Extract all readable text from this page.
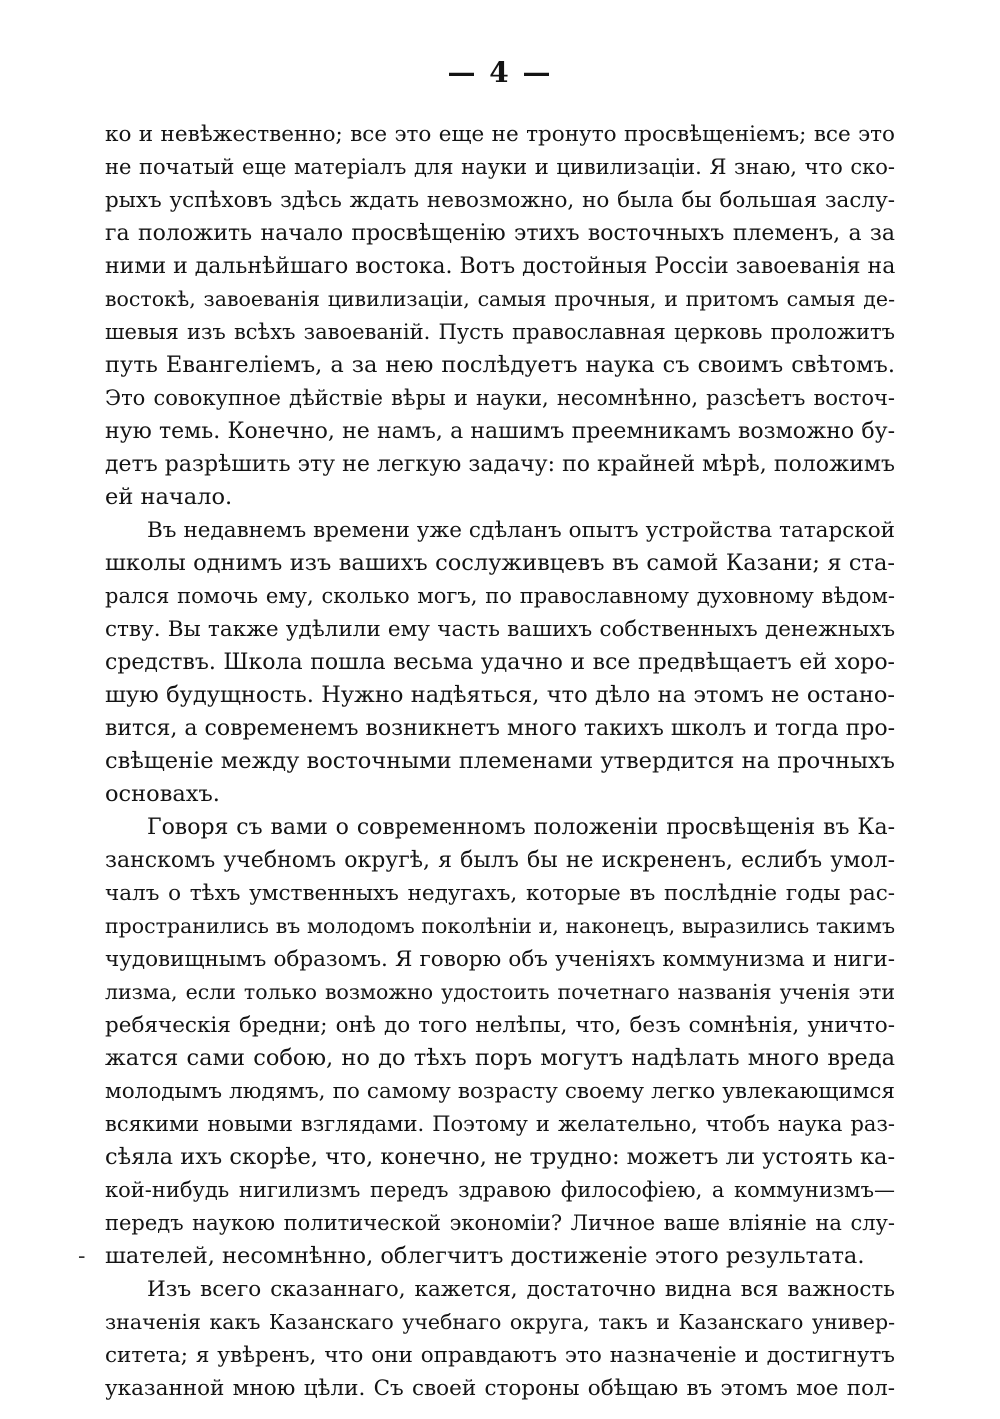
— 4 —
-
ко и невѣжественно; все это еще не тронуто просвѣщеніемъ; все это
не початый еще матеріалъ для науки и цивилизаціи. Я знаю, что ско-
рыхъ успѣховъ здѣсь ждать невозможно, но была бы большая заслу-
га положить начало просвѣщенію этихъ восточныхъ племенъ, а за
ними и дальнѣйшаго востока. Вотъ достойныя Россіи завоеванія на
востокѣ, завоеванія цивилизаціи, самыя прочныя, и притомъ самыя де-
шевыя изъ всѣхъ завоеваній. Пусть православная церковь проложитъ
путь Евангеліемъ, а за нею послѣдуетъ наука съ своимъ свѣтомъ.
Это совокупное дѣйствіе вѣры и науки, несомнѣнно, разсѣетъ восточ-
ную темь. Конечно, не намъ, а нашимъ преемникамъ возможно бу-
детъ разрѣшить эту не легкую задачу: по крайней мѣрѣ, положимъ
ей начало.
Въ недавнемъ времени уже сдѣланъ опытъ устройства татарской
школы однимъ изъ вашихъ сослуживцевъ въ самой Казани; я ста-
рался помочь ему, сколько могъ, по православному духовному вѣдом-
ству. Вы также удѣлили ему часть вашихъ собственныхъ денежныхъ
средствъ. Школа пошла весьма удачно и все предвѣщаетъ ей хоро-
шую будущность. Нужно надѣяться, что дѣло на этомъ не остано-
вится, а современемъ возникнетъ много такихъ школъ и тогда про-
свѣщеніе между восточными племенами утвердится на прочныхъ
основахъ.
Говоря съ вами о современномъ положеніи просвѣщенія въ Ка-
занскомъ учебномъ округѣ, я былъ бы не искрененъ, еслибъ умол-
чалъ о тѣхъ умственныхъ недугахъ, которые въ послѣдніе годы рас-
пространились въ молодомъ поколѣніи и, наконецъ, выразились такимъ
чудовищнымъ образомъ. Я говорю объ ученіяхъ коммунизма и ниги-
лизма, если только возможно удостоить почетнаго названія ученія эти
ребяческія бредни; онѣ до того нелѣпы, что, безъ сомнѣнія, уничто-
жатся сами собою, но до тѣхъ поръ могутъ надѣлать много вреда
молодымъ людямъ, по самому возрасту своему легко увлекающимся
всякими новыми взглядами. Поэтому и желательно, чтобъ наука раз-
сѣяла ихъ скорѣе, что, конечно, не трудно: можетъ ли устоять ка-
кой-нибудь нигилизмъ передъ здравою философіею, а коммунизмъ—
передъ наукою политической экономіи? Личное ваше вліяніе на слу-
шателей, несомнѣнно, облегчитъ достиженіе этого результата.
Изъ всего сказаннаго, кажется, достаточно видна вся важность
значенія какъ Казанскаго учебнаго округа, такъ и Казанскаго универ-
ситета; я увѣренъ, что они оправдаютъ это назначеніе и достигнутъ
указанной мною цѣли. Съ своей стороны обѣщаю въ этомъ мое пол-
